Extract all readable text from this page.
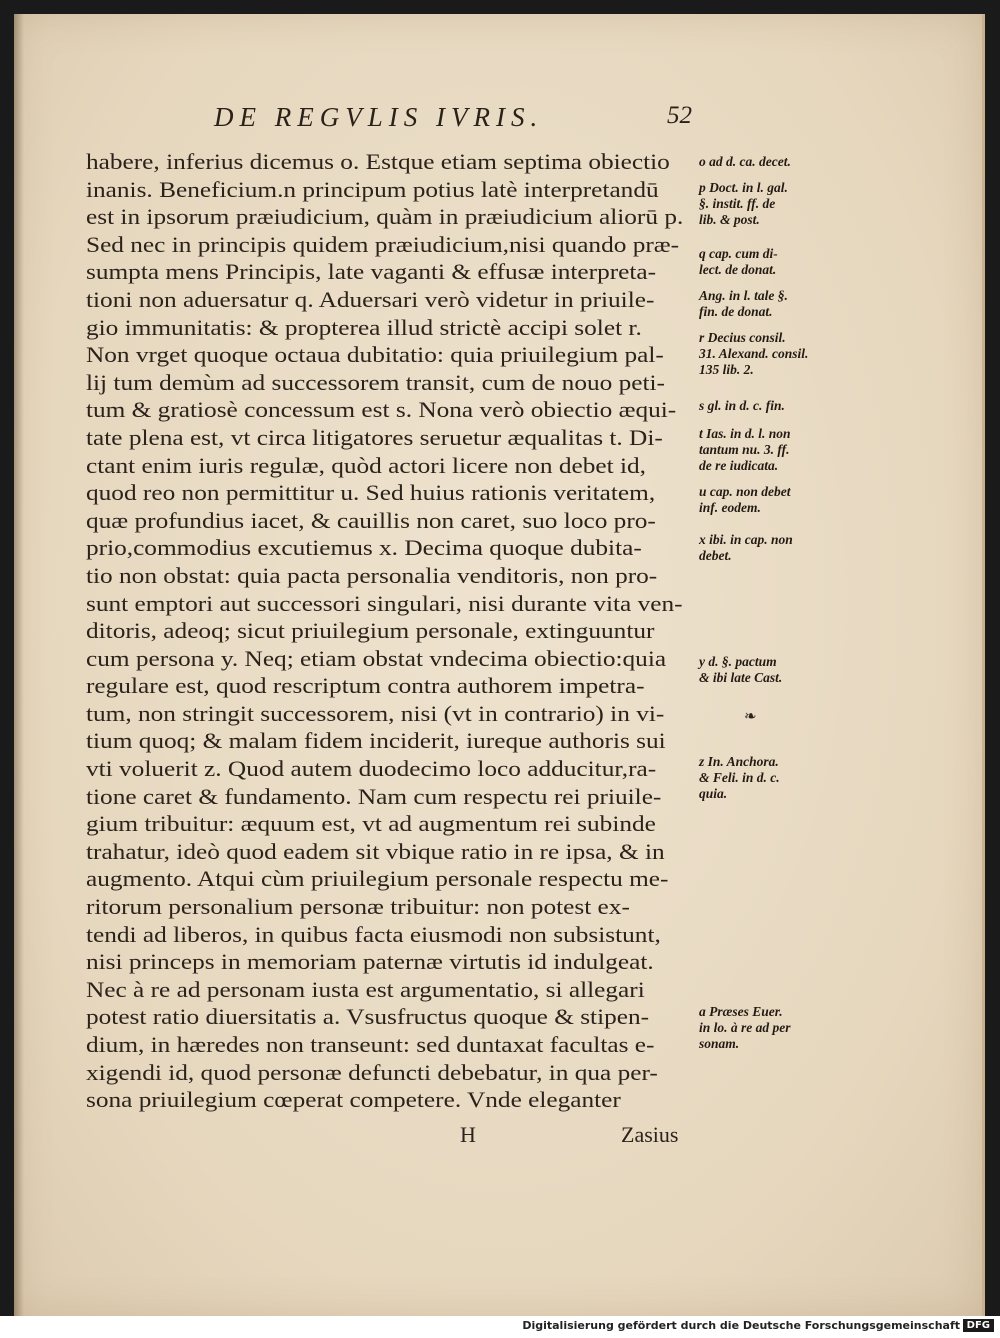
DE REGVLIS IVRIS.	52
habere, inferius dicemus o. Estque etiam septima obiectio
inanis. Beneficium.n principum potius latè interpretandū
est in ipsorum præiudicium, quàm in præiudicium aliorū p.
Sed nec in principis quidem præiudicium,nisi quando præ-
sumpta mens Principis, late vaganti & effusæ interpreta-
tioni non aduersatur q. Aduersari verò videtur in priuile-
gio immunitatis: & propterea illud strictè accipi solet r.
Non vrget quoque octaua dubitatio: quia priuilegium pal-
lij tum demùm ad successorem transit, cum de nouo peti-
tum & gratiosè concessum est s. Nona verò obiectio æqui-
tate plena est, vt circa litigatores seruetur æqualitas t. Di-
ctant enim iuris regulæ, quòd actori licere non debet id,
quod reo non permittitur u. Sed huius rationis veritatem,
quæ profundius iacet, & cauillis non caret, suo loco pro-
prio,commodius excutiemus x. Decima quoque dubita-
tio non obstat: quia pacta personalia venditoris, non pro-
sunt emptori aut successori singulari, nisi durante vita ven-
ditoris, adeoq; sicut priuilegium personale, extinguuntur
cum persona y. Neq; etiam obstat vndecima obiectio:quia
regulare est, quod rescriptum contra authorem impetra-
tum, non stringit successorem, nisi (vt in contrario) in vi-
tium quoq; & malam fidem inciderit, iureque authoris sui
vti voluerit z. Quod autem duodecimo loco adducitur,ra-
tione caret & fundamento. Nam cum respectu rei priuile-
gium tribuitur: æquum est, vt ad augmentum rei subinde
trahatur, ideò quod eadem sit vbique ratio in re ipsa, & in
augmento. Atqui cùm priuilegium personale respectu me-
ritorum personalium personæ tribuitur: non potest ex-
tendi ad liberos, in quibus facta eiusmodi non subsistunt,
nisi princeps in memoriam paternæ virtutis id indulgeat.
Nec à re ad personam iusta est argumentatio, si allegari
potest ratio diuersitatis a. Vsusfructus quoque & stipen-
dium, in hæredes non transeunt: sed duntaxat facultas e-
xigendi id, quod personæ defuncti debebatur, in qua per-
sona priuilegium cœperat competere. Vnde eleganter
o ad d. ca. decet.
p Doct. in l. gal.
§. instit. ff. de
lib. & post.
q cap. cum di-
lect. de donat.
Ang. in l. tale §.
fin. de donat.
r Decius consil.
31. Alexand. consil.
135 lib. 2.
s gl. in d. c. fin.
t Ias. in d. l. non
tantum nu. 3. ff.
de re iudicata.
u cap. non debet
inf. eodem.
x ibi. in cap. non
debet.
y d. §. pactum
& ibi late Cast.
z In. Anchora.
& Feli. in d. c.
quia.
a Præses Euer.
in lo. à re ad per
sonam.
❧
H	Zasius
Digitalisierung gefördert durch die Deutsche Forschungsgemeinschaft DFG
